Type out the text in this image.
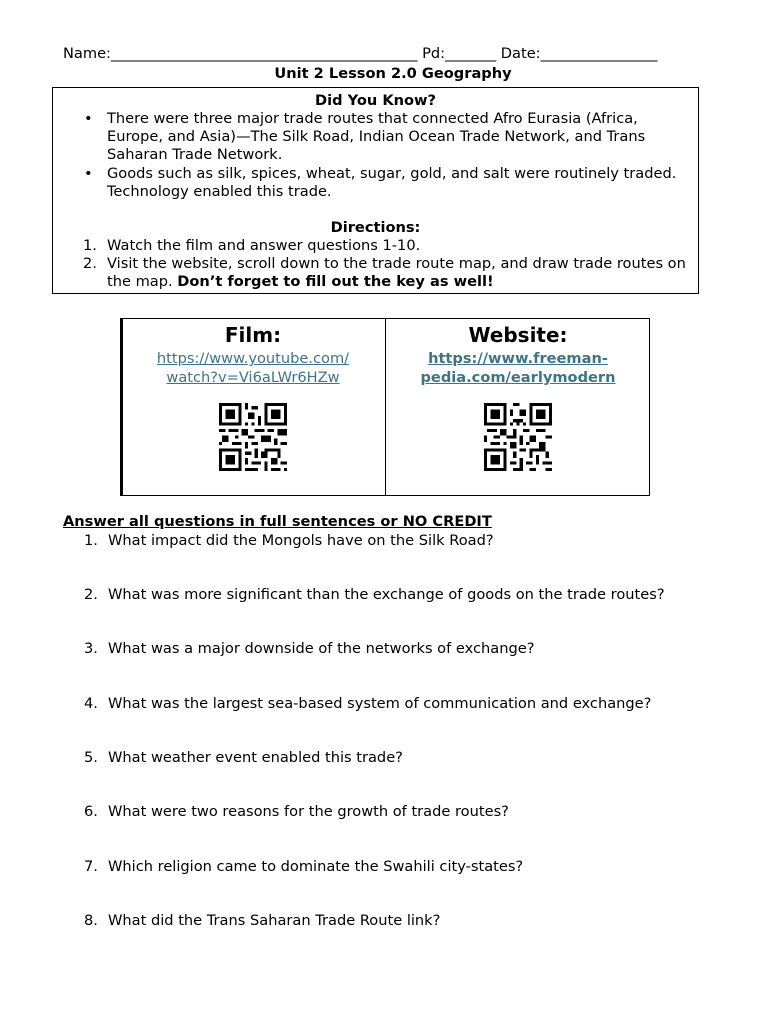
Name:__________________________________________ Pd:_______ Date:________________
Unit 2 Lesson 2.0 Geography
Did You Know?
• There were three major trade routes that connected Afro Eurasia (Africa, Europe, and Asia)—The Silk Road, Indian Ocean Trade Network, and Trans Saharan Trade Network.
• Goods such as silk, spices, wheat, sugar, gold, and salt were routinely traded. Technology enabled this trade.
Directions:
1. Watch the film and answer questions 1-10.
2. Visit the website, scroll down to the trade route map, and draw trade routes on the map. Don’t forget to fill out the key as well!
Film:
https://www.youtube.com/
watch?v=Vi6aLWr6HZw
Website:
https://www.freeman-
pedia.com/earlymodern
Answer all questions in full sentences or NO CREDIT
1. What impact did the Mongols have on the Silk Road?
2. What was more significant than the exchange of goods on the trade routes?
3. What was a major downside of the networks of exchange?
4. What was the largest sea-based system of communication and exchange?
5. What weather event enabled this trade?
6. What were two reasons for the growth of trade routes?
7. Which religion came to dominate the Swahili city-states?
8. What did the Trans Saharan Trade Route link?
